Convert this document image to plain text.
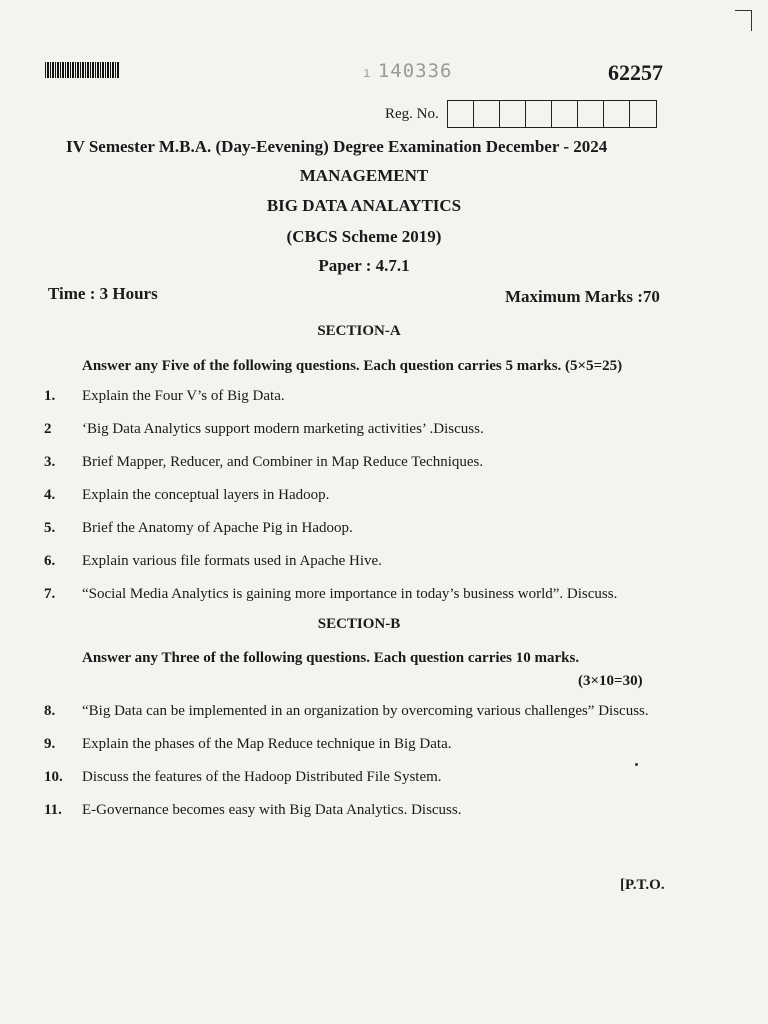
ı 140336	62257
Reg. No.
IV Semester M.B.A. (Day-Eevening) Degree Examination December - 2024
MANAGEMENT
BIG DATA ANALAYTICS
(CBCS Scheme 2019)
Paper : 4.7.1
Time : 3 Hours	Maximum Marks :70
SECTION-A
Answer any Five of the following questions. Each question carries 5 marks. (5×5=25)
1.	Explain the Four V’s of Big Data.
2	‘Big Data Analytics support modern marketing activities’ .Discuss.
3.	Brief Mapper, Reducer, and Combiner in Map Reduce Techniques.
4.	Explain the conceptual layers in Hadoop.
5.	Brief the Anatomy of Apache Pig in Hadoop.
6.	Explain various file formats used in Apache Hive.
7.	“Social Media Analytics is gaining more importance in today’s business world”. Discuss.
SECTION-B
Answer any Three of the following questions. Each question carries 10 marks.
(3×10=30)
8.	“Big Data can be implemented in an organization by overcoming various challenges” Discuss.
9.	Explain the phases of the Map Reduce technique in Big Data.
10.	Discuss the features of the Hadoop Distributed File System.
11.	E-Governance becomes easy with Big Data Analytics. Discuss.
[P.T.O.
